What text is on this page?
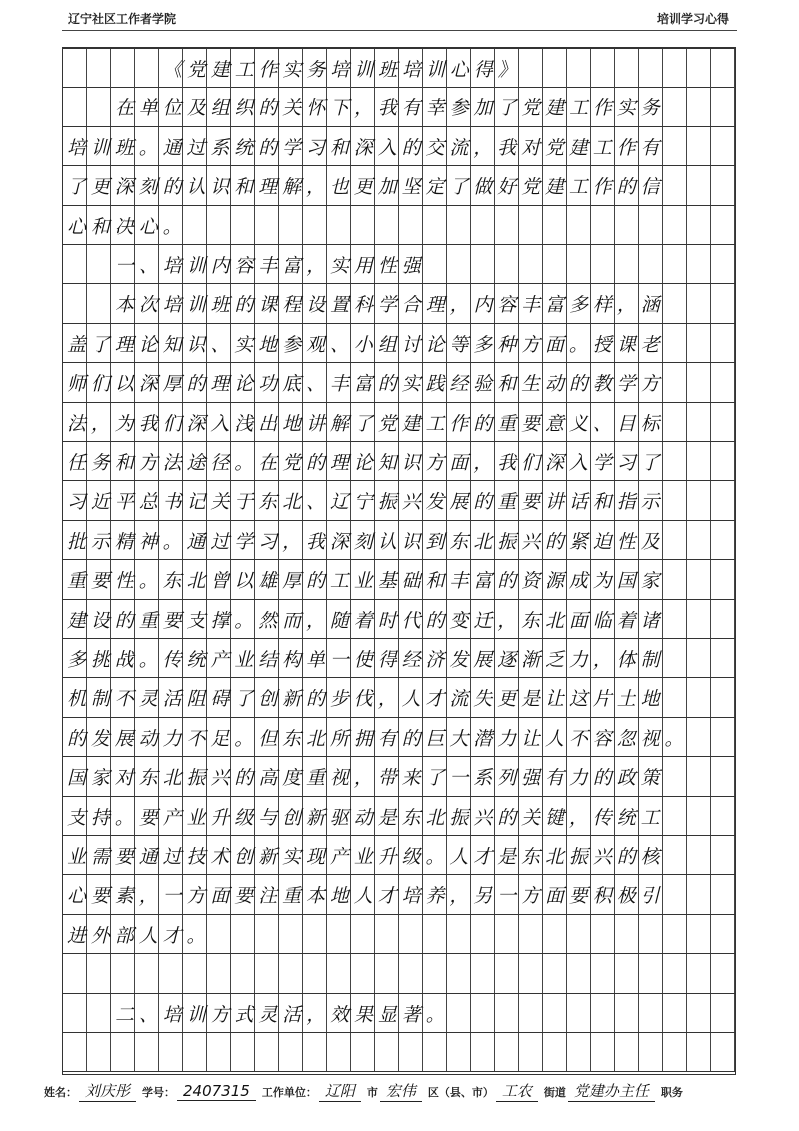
辽宁社区工作者学院	培训学习心得
《党建工作实务培训班培训心得》
在单位及组织的关怀下，我有幸参加了党建工作实务
培训班。通过系统的学习和深入的交流，我对党建工作有
了更深刻的认识和理解，也更加坚定了做好党建工作的信
心和决心。
一、培训内容丰富，实用性强
本次培训班的课程设置科学合理，内容丰富多样，涵
盖了理论知识、实地参观、小组讨论等多种方面。授课老
师们以深厚的理论功底、丰富的实践经验和生动的教学方
法，为我们深入浅出地讲解了党建工作的重要意义、目标
任务和方法途径。在党的理论知识方面，我们深入学习了
习近平总书记关于东北、辽宁振兴发展的重要讲话和指示
批示精神。通过学习，我深刻认识到东北振兴的紧迫性及
重要性。东北曾以雄厚的工业基础和丰富的资源成为国家
建设的重要支撑。然而，随着时代的变迁，东北面临着诸
多挑战。传统产业结构单一使得经济发展逐渐乏力，体制
机制不灵活阻碍了创新的步伐，人才流失更是让这片土地
的发展动力不足。但东北所拥有的巨大潜力让人不容忽视。
国家对东北振兴的高度重视，带来了一系列强有力的政策
支持。要产业升级与创新驱动是东北振兴的关键，传统工
业需要通过技术创新实现产业升级。人才是东北振兴的核
心要素，一方面要注重本地人才培养，另一方面要积极引
进外部人才。
二、培训方式灵活，效果显著。
姓名： 刘庆彤	学号： 2407315	工作单位： 辽阳	市 宏伟	区（县、市） 工农	街道 党建办主任	职务
